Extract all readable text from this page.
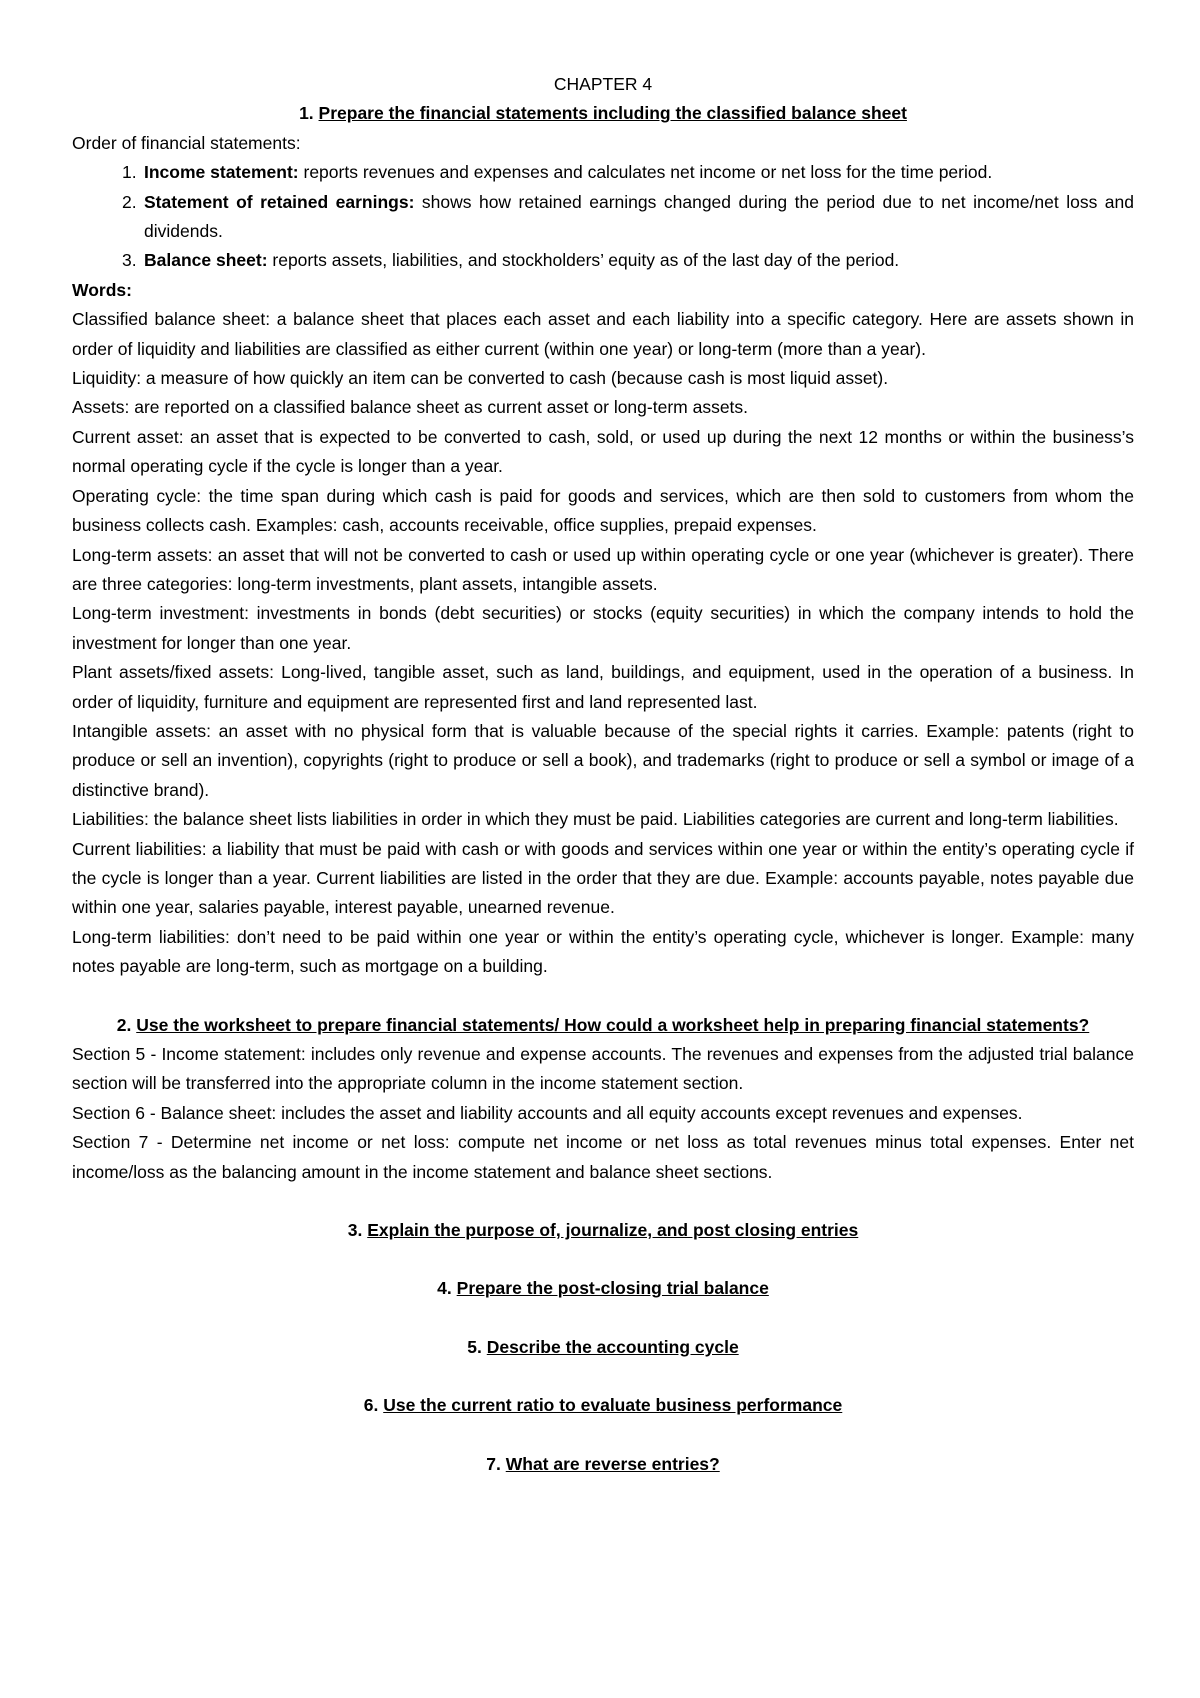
CHAPTER 4

1. Prepare the financial statements including the classified balance sheet

Order of financial statements:

1. Income statement: reports revenues and expenses and calculates net income or net loss for the time period.
2. Statement of retained earnings: shows how retained earnings changed during the period due to net income/net loss and dividends.
3. Balance sheet: reports assets, liabilities, and stockholders’ equity as of the last day of the period.

Words:

Classified balance sheet: a balance sheet that places each asset and each liability into a specific category. Here are assets shown in order of liquidity and liabilities are classified as either current (within one year) or long-term (more than a year).

Liquidity: a measure of how quickly an item can be converted to cash (because cash is most liquid asset).

Assets: are reported on a classified balance sheet as current asset or long-term assets.

Current asset: an asset that is expected to be converted to cash, sold, or used up during the next 12 months or within the business’s normal operating cycle if the cycle is longer than a year.

Operating cycle: the time span during which cash is paid for goods and services, which are then sold to customers from whom the business collects cash. Examples: cash, accounts receivable, office supplies, prepaid expenses.

Long-term assets: an asset that will not be converted to cash or used up within operating cycle or one year (whichever is greater). There are three categories: long-term investments, plant assets, intangible assets.

Long-term investment: investments in bonds (debt securities) or stocks (equity securities) in which the company intends to hold the investment for longer than one year.

Plant assets/fixed assets: Long-lived, tangible asset, such as land, buildings, and equipment, used in the operation of a business. In order of liquidity, furniture and equipment are represented first and land represented last.

Intangible assets: an asset with no physical form that is valuable because of the special rights it carries. Example: patents (right to produce or sell an invention), copyrights (right to produce or sell a book), and trademarks (right to produce or sell a symbol or image of a distinctive brand).

Liabilities: the balance sheet lists liabilities in order in which they must be paid. Liabilities categories are current and long-term liabilities.

Current liabilities: a liability that must be paid with cash or with goods and services within one year or within the entity’s operating cycle if the cycle is longer than a year. Current liabilities are listed in the order that they are due. Example: accounts payable, notes payable due within one year, salaries payable, interest payable, unearned revenue.

Long-term liabilities: don’t need to be paid within one year or within the entity’s operating cycle, whichever is longer. Example: many notes payable are long-term, such as mortgage on a building.

2. Use the worksheet to prepare financial statements/ How could a worksheet help in preparing financial statements?

Section 5 - Income statement: includes only revenue and expense accounts. The revenues and expenses from the adjusted trial balance section will be transferred into the appropriate column in the income statement section.

Section 6 - Balance sheet: includes the asset and liability accounts and all equity accounts except revenues and expenses.

Section 7 - Determine net income or net loss: compute net income or net loss as total revenues minus total expenses. Enter net income/loss as the balancing amount in the income statement and balance sheet sections.

3. Explain the purpose of, journalize, and post closing entries

4. Prepare the post-closing trial balance

5. Describe the accounting cycle

6. Use the current ratio to evaluate business performance

7. What are reverse entries?
